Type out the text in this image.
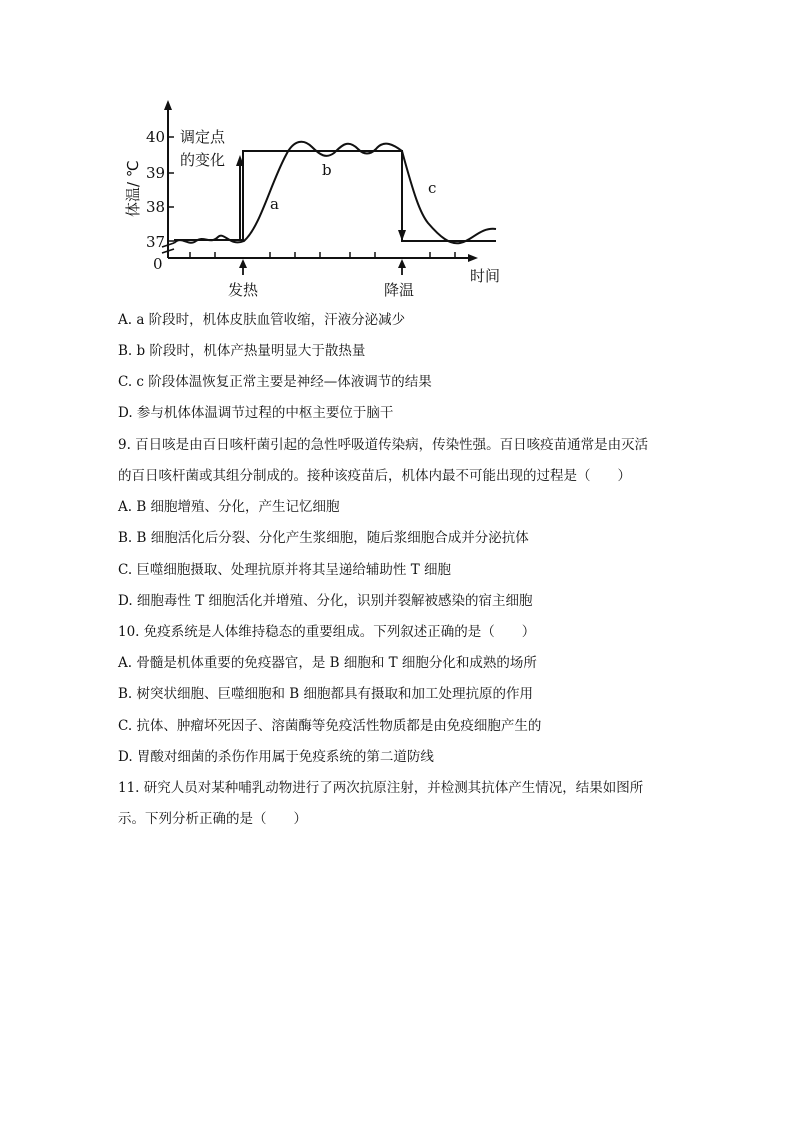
40
39
38
37
0
体温/ ℃
调定点
的变化
a
b
c
发热	降温
时间
A. a 阶段时，机体皮肤血管收缩，汗液分泌减少
B. b 阶段时，机体产热量明显大于散热量
C. c 阶段体温恢复正常主要是神经—体液调节的结果
D. 参与机体体温调节过程的中枢主要位于脑干
9. 百日咳是由百日咳杆菌引起的急性呼吸道传染病，传染性强。百日咳疫苗通常是由灭活
的百日咳杆菌或其组分制成的。接种该疫苗后，机体内最不可能出现的过程是（　　）
A. B 细胞增殖、分化，产生记忆细胞
B. B 细胞活化后分裂、分化产生浆细胞，随后浆细胞合成并分泌抗体
C. 巨噬细胞摄取、处理抗原并将其呈递给辅助性 T 细胞
D. 细胞毒性 T 细胞活化并增殖、分化，识别并裂解被感染的宿主细胞
10. 免疫系统是人体维持稳态的重要组成。下列叙述正确的是（　　）
A. 骨髓是机体重要的免疫器官，是 B 细胞和 T 细胞分化和成熟的场所
B. 树突状细胞、巨噬细胞和 B 细胞都具有摄取和加工处理抗原的作用
C. 抗体、肿瘤坏死因子、溶菌酶等免疫活性物质都是由免疫细胞产生的
D. 胃酸对细菌的杀伤作用属于免疫系统的第二道防线
11. 研究人员对某种哺乳动物进行了两次抗原注射，并检测其抗体产生情况，结果如图所
示。下列分析正确的是（　　）
